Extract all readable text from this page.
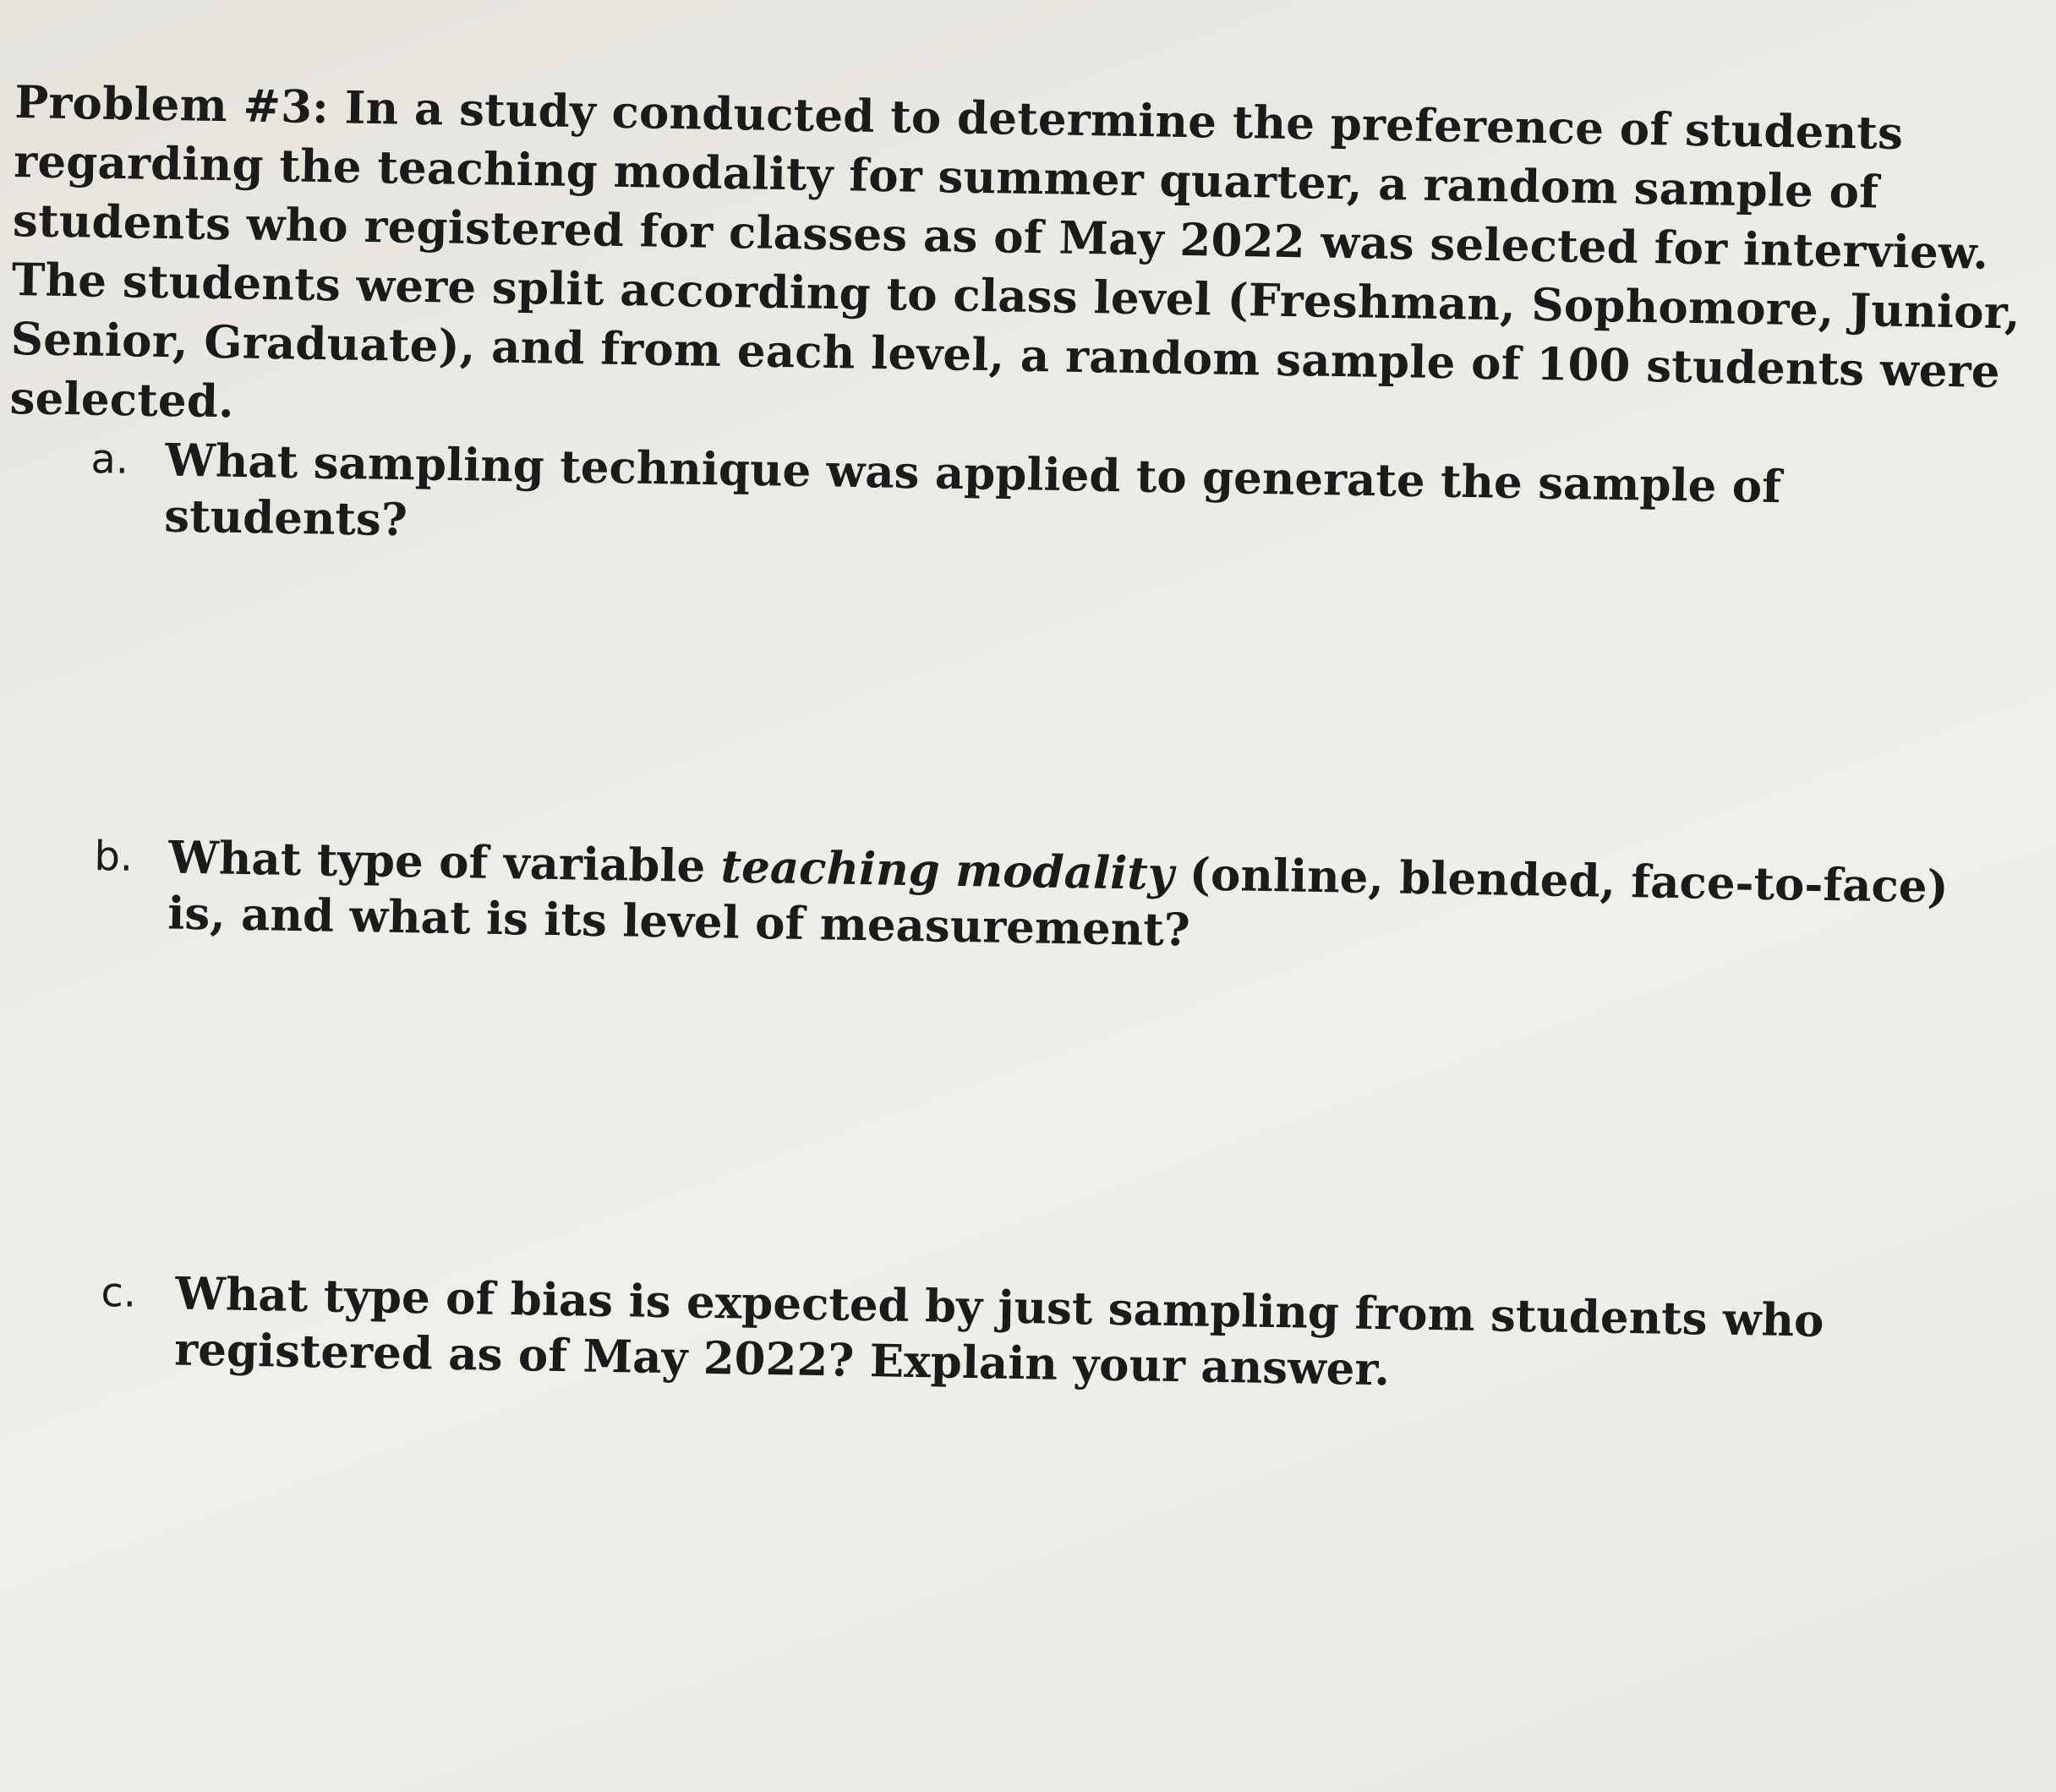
Problem #3: In a study conducted to determine the preference of students regarding the teaching modality for summer quarter, a random sample of students who registered for classes as of May 2022 was selected for interview. The students were split according to class level (Freshman, Sophomore, Junior, Senior, Graduate), and from each level, a random sample of 100 students were selected.

a. What sampling technique was applied to generate the sample of students?
b. What type of variable teaching modality (online, blended, face-to-face) is, and what is its level of measurement?
c. What type of bias is expected by just sampling from students who registered as of May 2022? Explain your answer.
